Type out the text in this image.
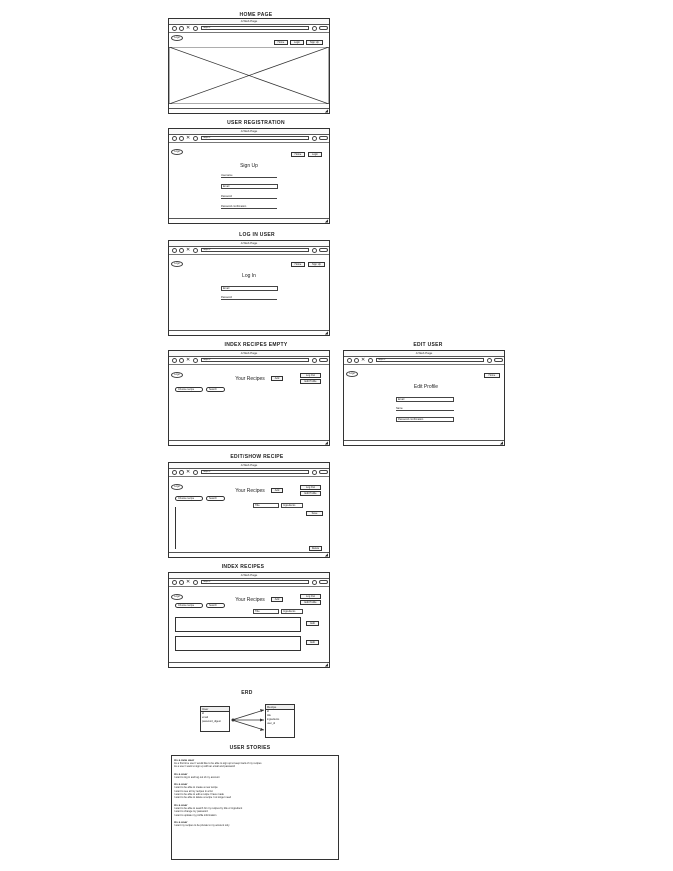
HOME PAGE
USER REGISTRATION
LOG IN USER
INDEX RECIPES EMPTY	EDIT USER
EDIT/SHOW RECIPE
INDEX RECIPES
ERD
USER STORIES
A Web Page
✕	https://
Logo
Home	Login	Sign Up
◢
A Web Page
✕	https://
Logo
Home	Login
Sign Up
Username
Email
Password
Password confirmation
◢
A Web Page
✕	https://
Logo	Home	Sign Up
Log In
Email
Password
◢
A Web Page
✕	https://
Logo
Your Recipes	Add
Log Out
Edit Profile
Choose recipe	Search
◢
A Web Page
✕	https://
Logo
Home
Edit Profile
Email
Name
Password confirmation
◢
A Web Page
✕	https://
Logo
Your Recipes	Add
Log Out
Edit Profile
Choose recipe	Search
Title	Ingredients
Save
Delete
◢
A Web Page
✕	https://
Logo
Your Recipes	Add
Log Out
Edit Profile
Choose recipe	Search
Title	Ingredients
Edit
Edit
◢
User
id
email
password_digest
Recipe
id
title
ingredients
user_id
As a new user
As a first time user I would like to be able to sign up to keep track of my recipes
As a user I want to sign up with an email and password
As a user
I want to log in and log out of my account
As a user
I want to be able to create a new recipe
I want to see all my recipes in a list
I want to be able to edit a recipe I have made
I want to be able to delete a recipe I no longer need
As a user
I want to be able to search for my recipes by title or ingredient
I want to change my password
I want to update my profile information
As a user
I want my recipes to be private to my account only
